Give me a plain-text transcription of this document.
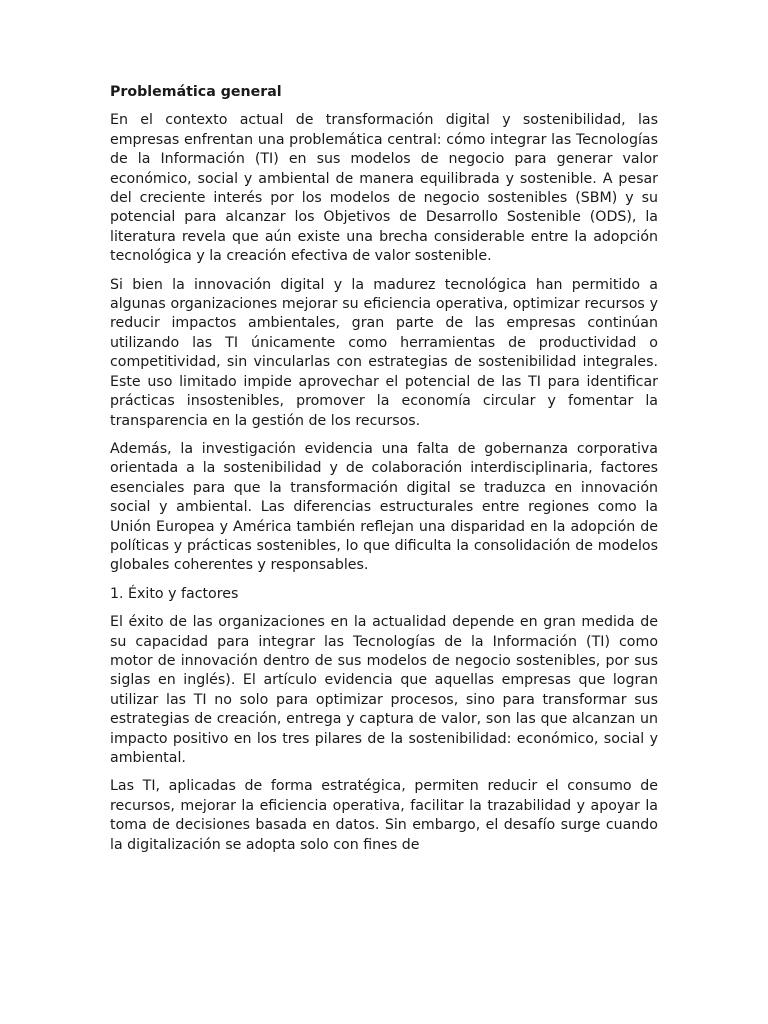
Problemática general

En el contexto actual de transformación digital y sostenibilidad, las empresas enfrentan una problemática central: cómo integrar las Tecnologías de la Información (TI) en sus modelos de negocio para generar valor económico, social y ambiental de manera equilibrada y sostenible. A pesar del creciente interés por los modelos de negocio sostenibles (SBM) y su potencial para alcanzar los Objetivos de Desarrollo Sostenible (ODS), la literatura revela que aún existe una brecha considerable entre la adopción tecnológica y la creación efectiva de valor sostenible.

Si bien la innovación digital y la madurez tecnológica han permitido a algunas organizaciones mejorar su eficiencia operativa, optimizar recursos y reducir impactos ambientales, gran parte de las empresas continúan utilizando las TI únicamente como herramientas de productividad o competitividad, sin vincularlas con estrategias de sostenibilidad integrales. Este uso limitado impide aprovechar el potencial de las TI para identificar prácticas insostenibles, promover la economía circular y fomentar la transparencia en la gestión de los recursos.

Además, la investigación evidencia una falta de gobernanza corporativa orientada a la sostenibilidad y de colaboración interdisciplinaria, factores esenciales para que la transformación digital se traduzca en innovación social y ambiental. Las diferencias estructurales entre regiones como la Unión Europea y América también reflejan una disparidad en la adopción de políticas y prácticas sostenibles, lo que dificulta la consolidación de modelos globales coherentes y responsables.

1. Éxito y factores

El éxito de las organizaciones en la actualidad depende en gran medida de su capacidad para integrar las Tecnologías de la Información (TI) como motor de innovación dentro de sus modelos de negocio sostenibles, por sus siglas en inglés). El artículo evidencia que aquellas empresas que logran utilizar las TI no solo para optimizar procesos, sino para transformar sus estrategias de creación, entrega y captura de valor, son las que alcanzan un impacto positivo en los tres pilares de la sostenibilidad: económico, social y ambiental.

Las TI, aplicadas de forma estratégica, permiten reducir el consumo de recursos, mejorar la eficiencia operativa, facilitar la trazabilidad y apoyar la toma de decisiones basada en datos. Sin embargo, el desafío surge cuando la digitalización se adopta solo con fines de
